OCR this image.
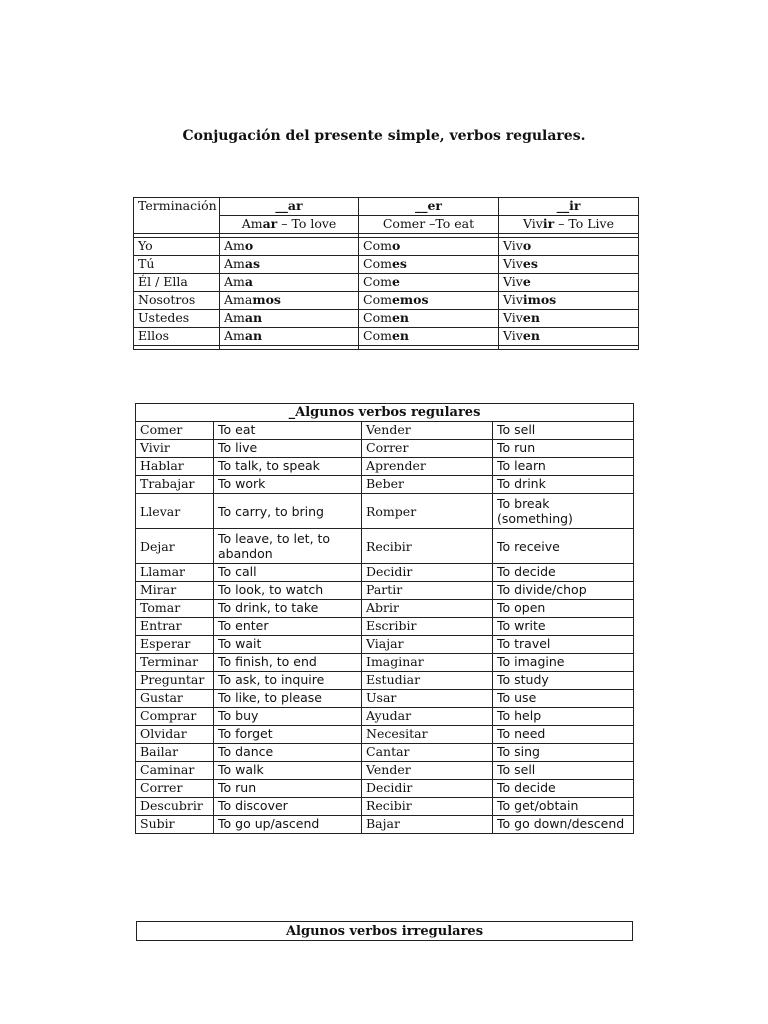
Conjugación del presente simple, verbos regulares.
Terminación	__ar	__er	__ir
	Amar – To love	Comer –To eat	Vivir – To Live

Yo	Amo	Como	Vivo
Tú	Amas	Comes	Vives
Él / Ella	Ama	Come	Vive
Nosotros	Amamos	Comemos	Vivimos
Ustedes	Aman	Comen	Viven
Ellos	Aman	Comen	Viven

_Algunos verbos regulares			
Comer	To eat	Vender	To sell
Vivir	To live	Correr	To run
Hablar	To talk, to speak	Aprender	To learn
Trabajar	To work	Beber	To drink
Llevar	To carry, to bring	Romper	To break (something)
Dejar	To leave, to let, to abandon	Recibir	To receive
Llamar	To call	Decidir	To decide
Mirar	To look, to watch	Partir	To divide/chop
Tomar	To drink, to take	Abrir	To open
Entrar	To enter	Escribir	To write
Esperar	To wait	Viajar	To travel
Terminar	To finish, to end	Imaginar	To imagine
Preguntar	To ask, to inquire	Estudiar	To study
Gustar	To like, to please	Usar	To use
Comprar	To buy	Ayudar	To help
Olvidar	To forget	Necesitar	To need
Bailar	To dance	Cantar	To sing
Caminar	To walk	Vender	To sell
Correr	To run	Decidir	To decide
Descubrir	To discover	Recibir	To get/obtain
Subir	To go up/ascend	Bajar	To go down/descend
Algunos verbos irregulares
